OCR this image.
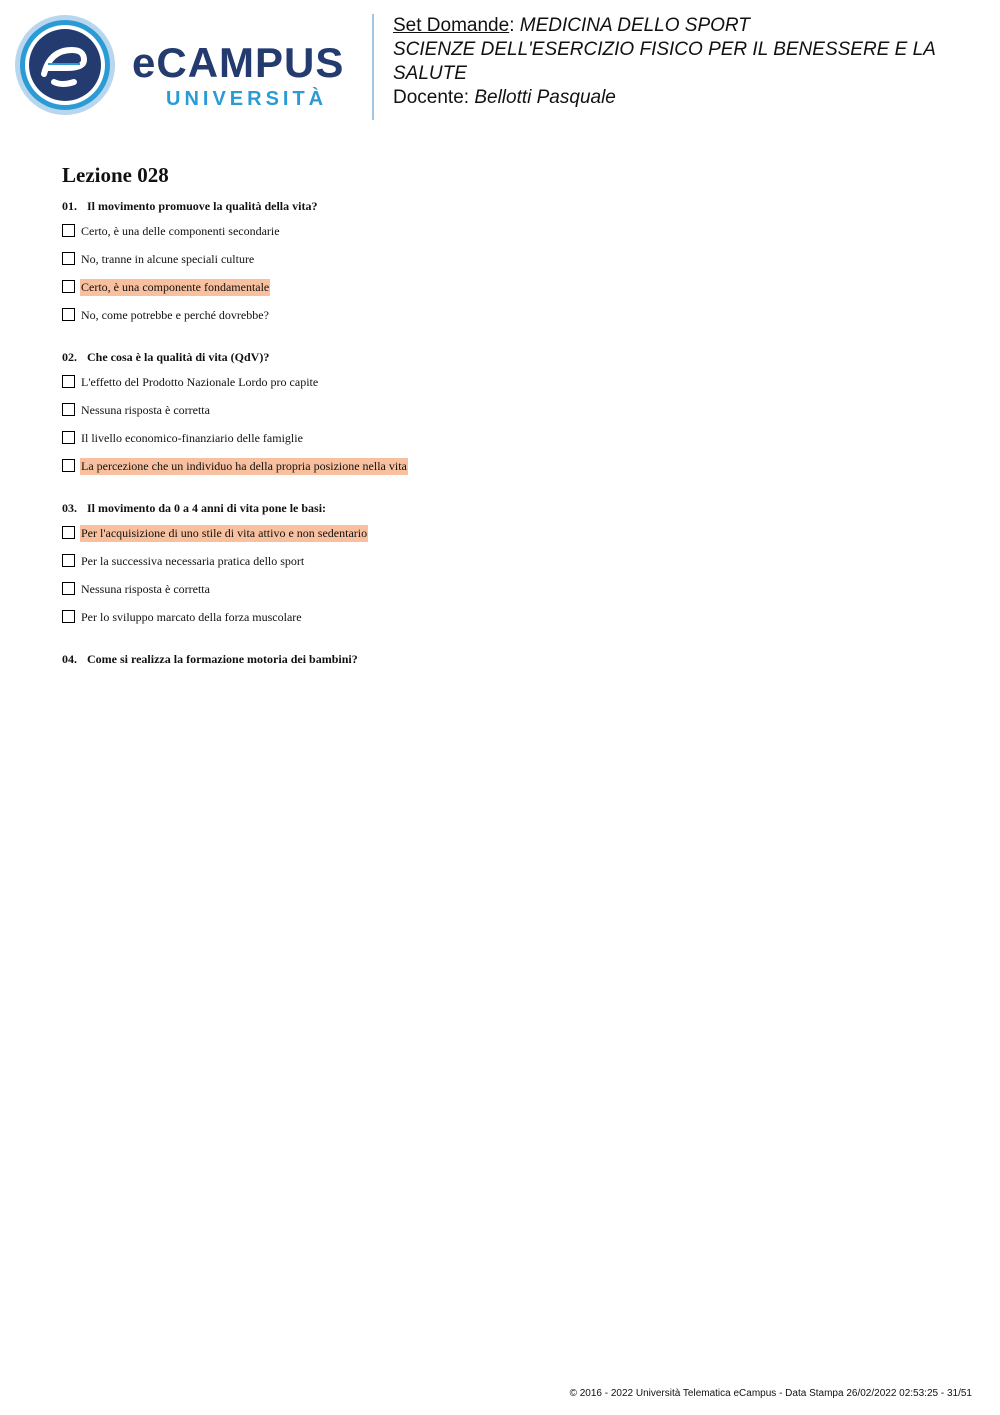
eCAMPUS
UNIVERSITÀ
Set Domande: MEDICINA DELLO SPORT
SCIENZE DELL'ESERCIZIO FISICO PER IL BENESSERE E LA SALUTE
Docente: Bellotti Pasquale
Lezione 028
01. Il movimento promuove la qualità della vita?
Certo, è una delle componenti secondarie
No, tranne in alcune speciali culture
Certo, è una componente fondamentale
No, come potrebbe e perché dovrebbe?
02. Che cosa è la qualità di vita (QdV)?
L'effetto del Prodotto Nazionale Lordo pro capite
Nessuna risposta è corretta
Il livello economico-finanziario delle famiglie
La percezione che un individuo ha della propria posizione nella vita
03. Il movimento da 0 a 4 anni di vita pone le basi:
Per l'acquisizione di uno stile di vita attivo e non sedentario
Per la successiva necessaria pratica dello sport
Nessuna risposta è corretta
Per lo sviluppo marcato della forza muscolare
04. Come si realizza la formazione motoria dei bambini?
© 2016 - 2022 Università Telematica eCampus - Data Stampa 26/02/2022 02:53:25 - 31/51
